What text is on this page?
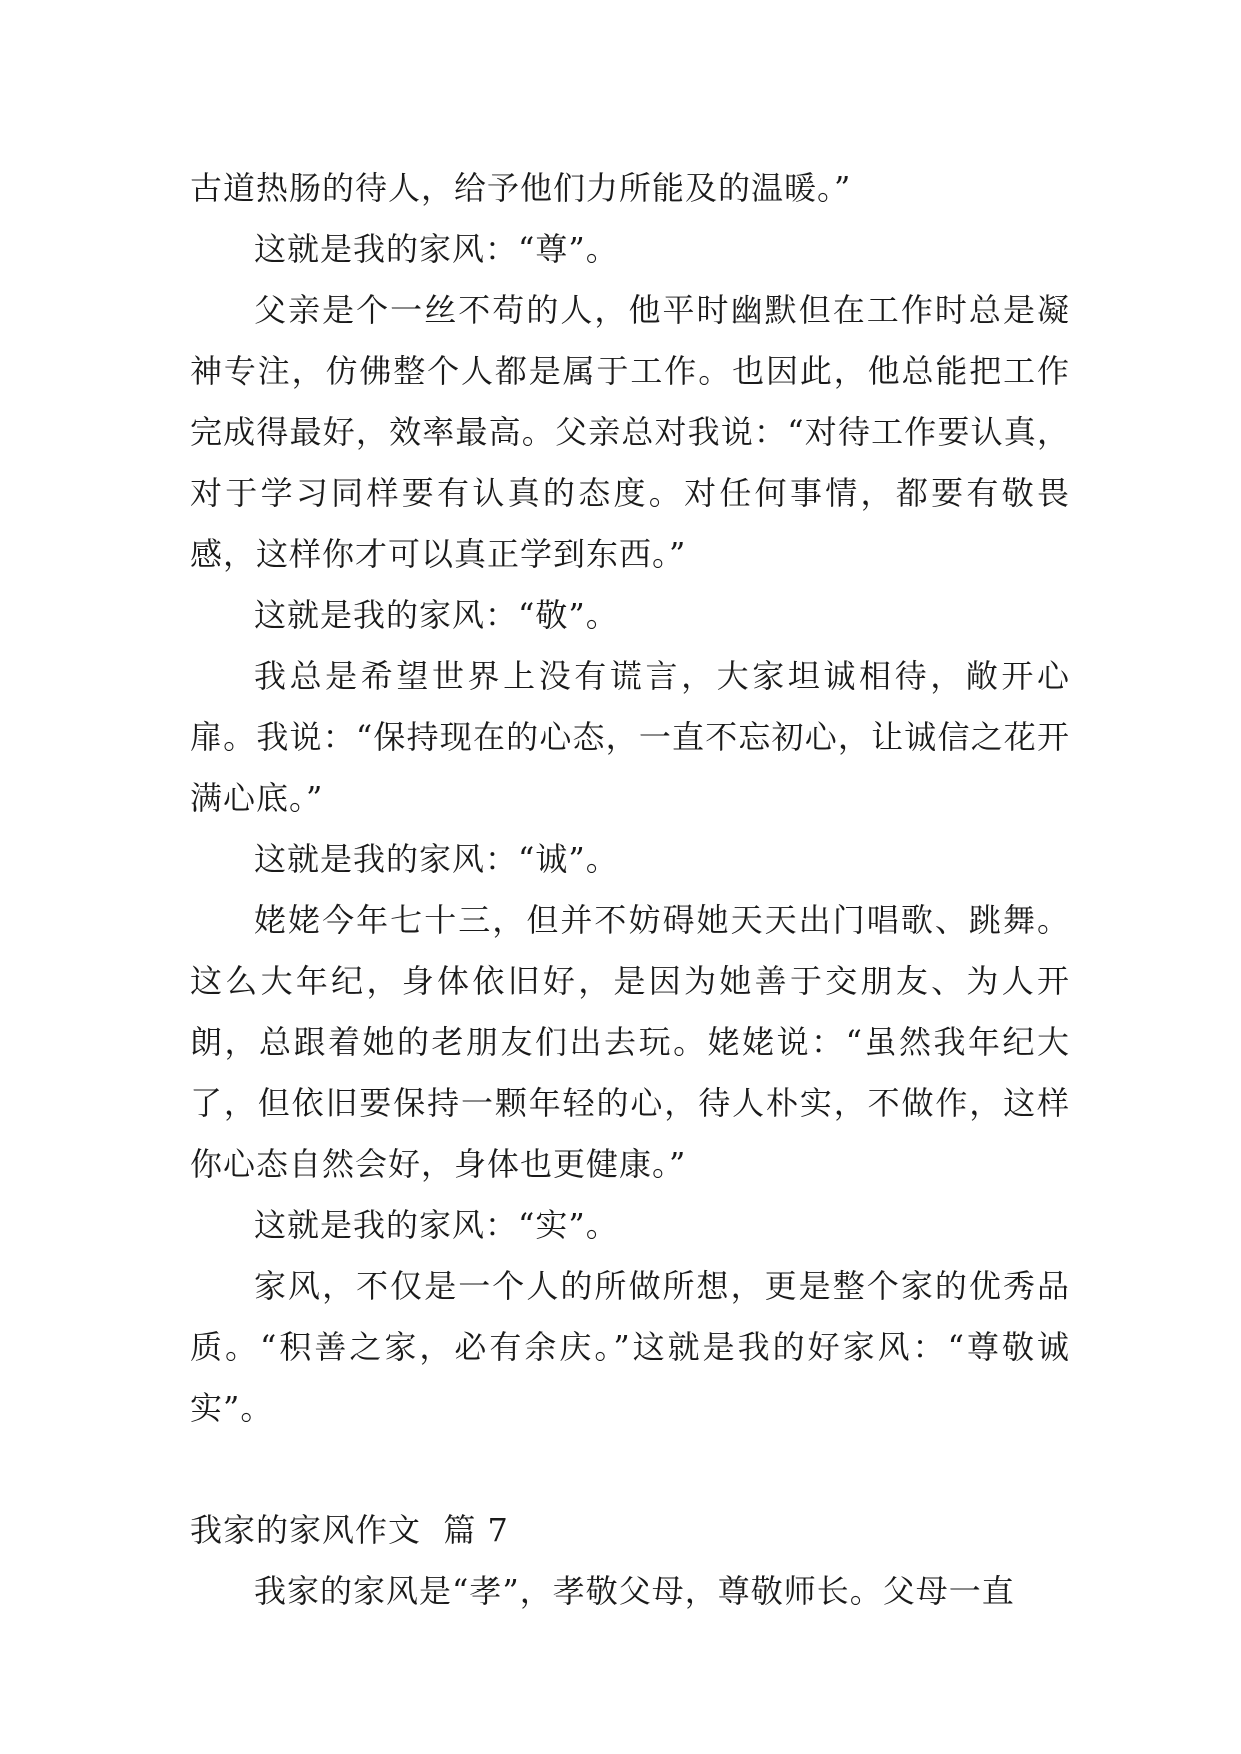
古道热肠的待人，给予他们力所能及的温暖。”

这就是我的家风：“尊”。

父亲是个一丝不苟的人，他平时幽默但在工作时总是凝神专注，仿佛整个人都是属于工作。也因此，他总能把工作完成得最好，效率最高。父亲总对我说：“对待工作要认真，对于学习同样要有认真的态度。对任何事情，都要有敬畏感，这样你才可以真正学到东西。”

这就是我的家风：“敬”。

我总是希望世界上没有谎言，大家坦诚相待，敞开心扉。我说：“保持现在的心态，一直不忘初心，让诚信之花开满心底。”

这就是我的家风：“诚”。

姥姥今年七十三，但并不妨碍她天天出门唱歌、跳舞。这么大年纪，身体依旧好，是因为她善于交朋友、为人开朗，总跟着她的老朋友们出去玩。姥姥说：“虽然我年纪大了，但依旧要保持一颗年轻的心，待人朴实，不做作，这样你心态自然会好，身体也更健康。”

这就是我的家风：“实”。

家风，不仅是一个人的所做所想，更是整个家的优秀品质。“积善之家，必有余庆。”这就是我的好家风：“尊敬诚实”。

我家的家风作文  篇 7

我家的家风是“孝”，孝敬父母，尊敬师长。父母一直
